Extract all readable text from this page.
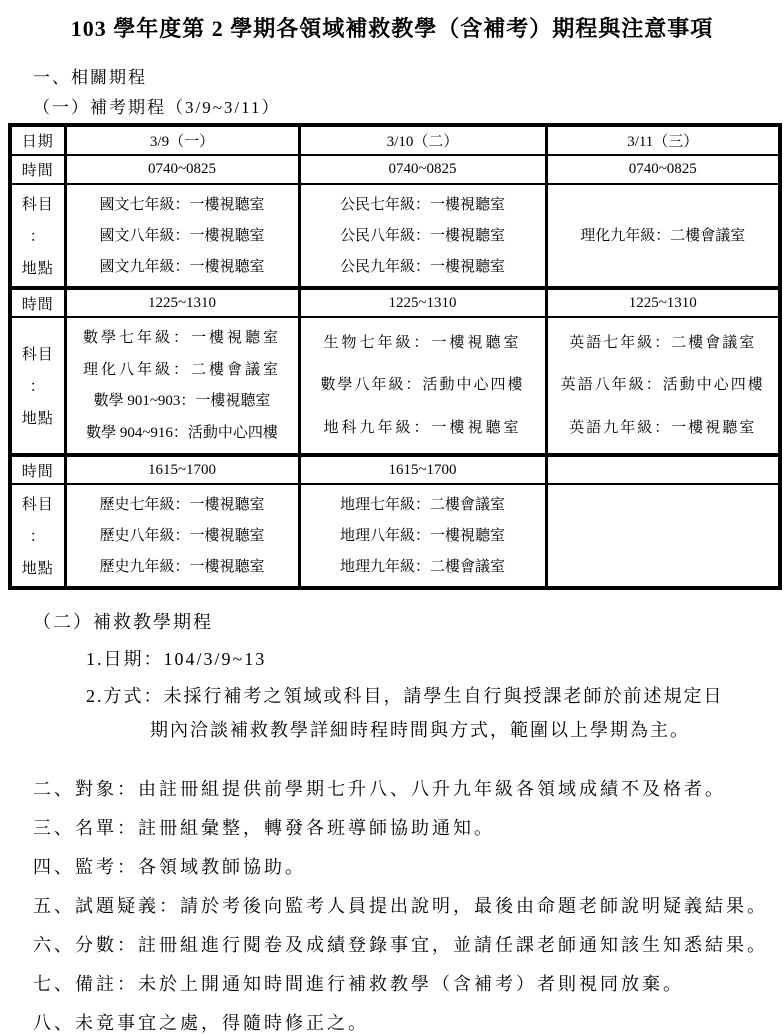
103 學年度第 2 學期各領域補救教學（含補考）期程與注意事項
一、相關期程
（一）補考期程（3/9~3/11）
日期	3/9（一）	3/10（二）	3/11（三）
時間	0740~0825	0740~0825	0740~0825

科目
：
地點

國文七年級：一樓視聽室
國文八年級：一樓視聽室
國文九年級：一樓視聽室

公民七年級：一樓視聽室
公民八年級：一樓視聽室
公民九年級：一樓視聽室

理化九年級：二樓會議室

時間	1225~1310	1225~1310	1225~1310

科目
：
地點

數學七年級：一樓視聽室
理化八年級：二樓會議室
數學 901~903：一樓視聽室
數學 904~916：活動中心四樓

生物七年級：一樓視聽室
數學八年級：活動中心四樓
地科九年級：一樓視聽室

英語七年級：二樓會議室
英語八年級：活動中心四樓
英語九年級：一樓視聽室

時間	1615~1700	1615~1700	

科目
：
地點

歷史七年級：一樓視聽室
歷史八年級：一樓視聽室
歷史九年級：一樓視聽室

地理七年級：二樓會議室
地理八年級：一樓視聽室
地理九年級：二樓會議室

（二）補救教學期程
1.日期：104/3/9~13
2.方式：未採行補考之領域或科目，請學生自行與授課老師於前述規定日
期內洽談補救教學詳細時程時間與方式，範圍以上學期為主。
二、對象：由註冊組提供前學期七升八、八升九年級各領域成績不及格者。
三、名單：註冊組彙整，轉發各班導師協助通知。
四、監考：各領域教師協助。
五、試題疑義：請於考後向監考人員提出說明，最後由命題老師說明疑義結果。
六、分數：註冊組進行閱卷及成績登錄事宜，並請任課老師通知該生知悉結果。
七、備註：未於上開通知時間進行補救教學（含補考）者則視同放棄。
八、未竟事宜之處，得隨時修正之。
